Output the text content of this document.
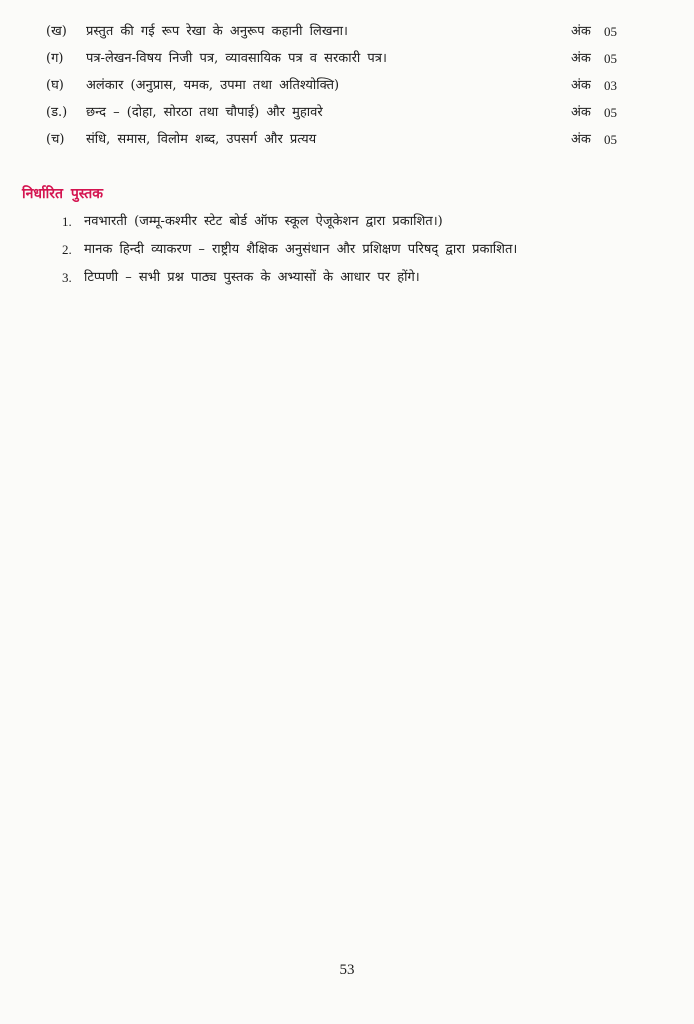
(ख)	प्रस्तुत की गई रूप रेखा के अनुरूप कहानी लिखना।	अंक 05
(ग)	पत्र-लेखन-विषय निजी पत्र, व्यावसायिक पत्र व सरकारी पत्र।	अंक 05
(घ)	अलंकार (अनुप्रास, यमक, उपमा तथा अतिश्योक्ति)	अंक 03
(ड.)	छन्द – (दोहा, सोरठा तथा चौपाई) और मुहावरे	अंक 05
(च)	संधि, समास, विलोम शब्द, उपसर्ग और प्रत्यय	अंक 05
निर्धारित पुस्तक
1. नवभारती (जम्मू-कश्मीर स्टेट बोर्ड ऑफ स्कूल ऐजूकेशन द्वारा प्रकाशित।)
2. मानक हिन्दी व्याकरण – राष्ट्रीय शैक्षिक अनुसंधान और प्रशिक्षण परिषद् द्वारा प्रकाशित।
3. टिप्पणी – सभी प्रश्न पाठ्य पुस्तक के अभ्यासों के आधार पर होंगे।
53
